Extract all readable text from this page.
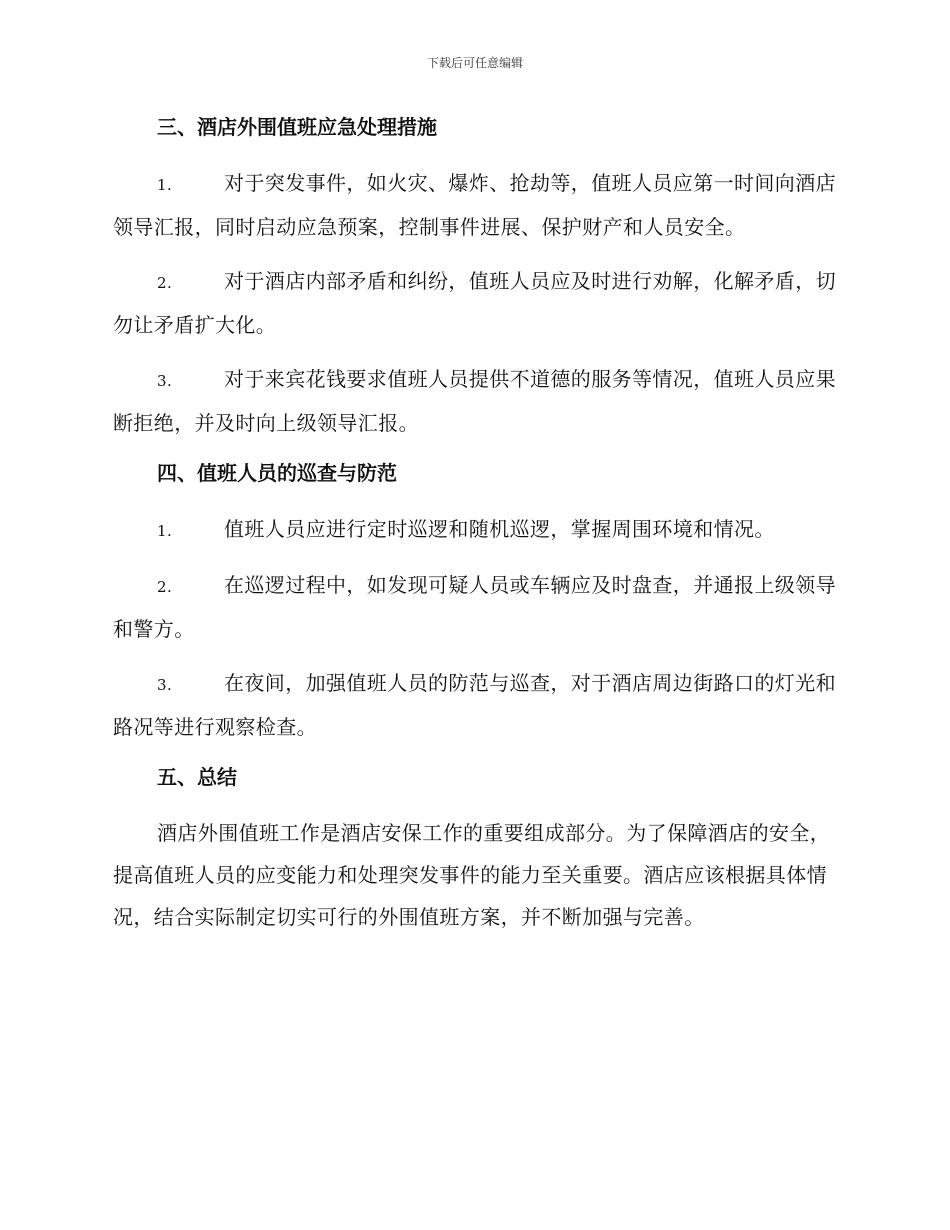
下载后可任意编辑
三、酒店外围值班应急处理措施

1.	对于突发事件，如火灾、爆炸、抢劫等，值班人员应第一时间向酒店领导汇报，同时启动应急预案，控制事件进展、保护财产和人员安全。

2.	对于酒店内部矛盾和纠纷，值班人员应及时进行劝解，化解矛盾，切勿让矛盾扩大化。

3.	对于来宾花钱要求值班人员提供不道德的服务等情况，值班人员应果断拒绝，并及时向上级领导汇报。

四、值班人员的巡查与防范

1.	值班人员应进行定时巡逻和随机巡逻，掌握周围环境和情况。

2.	在巡逻过程中，如发现可疑人员或车辆应及时盘查，并通报上级领导和警方。

3.	在夜间，加强值班人员的防范与巡查，对于酒店周边街路口的灯光和路况等进行观察检查。

五、总结

酒店外围值班工作是酒店安保工作的重要组成部分。为了保障酒店的安全，提高值班人员的应变能力和处理突发事件的能力至关重要。酒店应该根据具体情况，结合实际制定切实可行的外围值班方案，并不断加强与完善。
